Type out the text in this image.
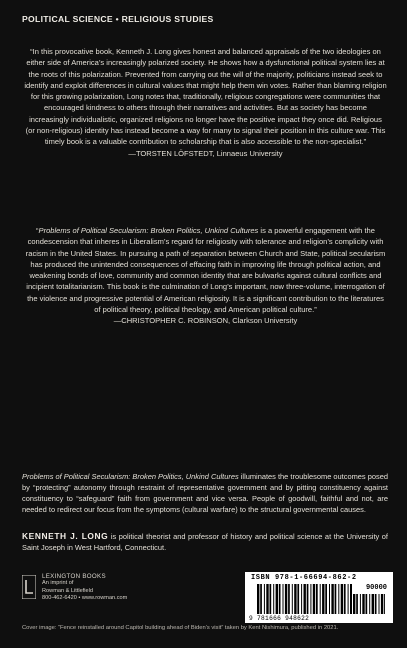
POLITICAL SCIENCE • RELIGIOUS STUDIES

“In this provocative book, Kenneth J. Long gives honest and balanced appraisals of the two ideologies on either side of America’s increasingly polarized society. He shows how a dysfunctional political system lies at the roots of this polarization. Prevented from carrying out the will of the majority, politicians instead seek to identify and exploit differences in cultural values that might help them win votes. Rather than blaming religion for this growing polarization, Long notes that, traditionally, religious congregations were communities that encouraged kindness to others through their narratives and activities. But as society has become increasingly individualistic, organized religions no longer have the positive impact they once did. Religious (or non-religious) identity has instead become a way for many to signal their position in this culture war. This timely book is a valuable contribution to scholarship that is also accessible to the non-specialist.”

—TORSTEN LÖFSTEDT, Linnaeus University

“Problems of Political Secularism: Broken Politics, Unkind Cultures is a powerful engagement with the condescension that inheres in Liberalism’s regard for religiosity with tolerance and religion’s complicity with racism in the United States. In pursuing a path of separation between Church and State, political secularism has produced the unintended consequences of effacing faith in improving life through political action, and weakening bonds of love, community and common identity that are bulwarks against cultural conflicts and incipient totalitarianism. This book is the culmination of Long’s important, now three-volume, interrogation of the violence and progressive potential of American religiosity. It is a significant contribution to the literatures of political theory, political theology, and American political culture.”

—CHRISTOPHER C. ROBINSON, Clarkson University

Problems of Political Secularism: Broken Politics, Unkind Cultures illuminates the troublesome outcomes posed by “protecting” autonomy through restraint of representative government and by pitting constituency against constituency to “safeguard” faith from government and vice versa. People of goodwill, faithful and not, are needed to redirect our focus from the symptoms (cultural warfare) to the structural governmental causes.
KENNETH J. LONG is political theorist and professor of history and political science at the University of Saint Joseph in West Hartford, Connecticut.
LEXINGTON BOOKS
An imprint of
Rowman & Littlefield
800-462-6420 • www.rowman.com
ISBN 978-1-66694-862-2
90000
9 781666 948622
Cover image: “Fence reinstalled around Capitol building ahead of Biden’s visit” taken by Kent Nishimura, published in 2021.
